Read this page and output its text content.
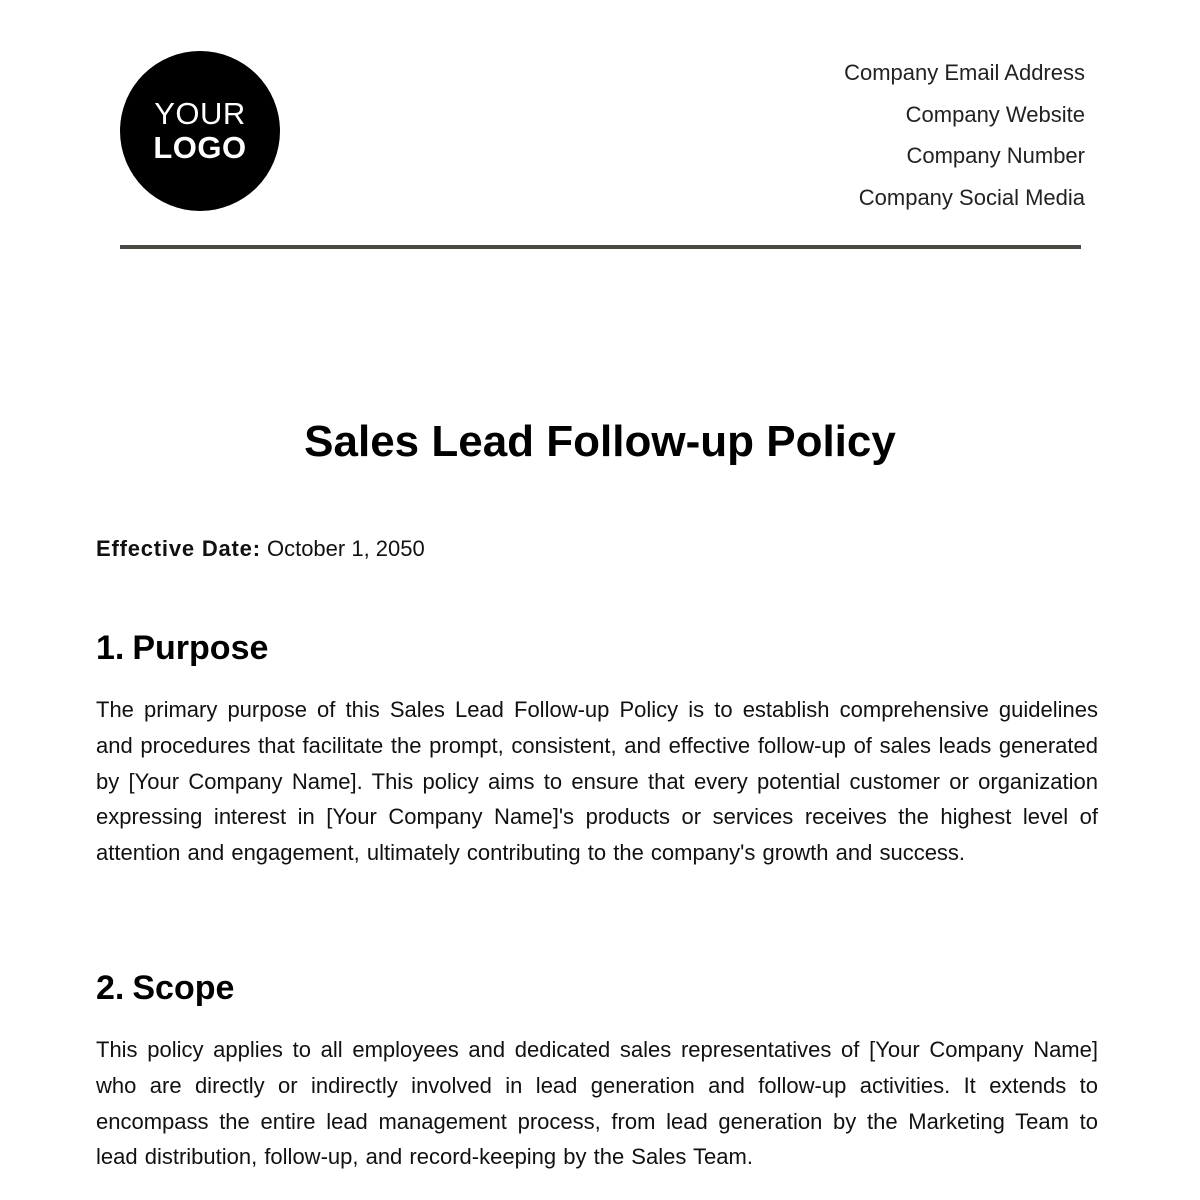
YOUR
LOGO
Company Email Address
Company Website
Company Number
Company Social Media
Sales Lead Follow-up Policy
Effective Date: October 1, 2050
1. Purpose

The primary purpose of this Sales Lead Follow-up Policy is to establish comprehensive guidelines and procedures that facilitate the prompt, consistent, and effective follow-up of sales leads generated by [Your Company Name]. This policy aims to ensure that every potential customer or organization expressing interest in [Your Company Name]'s products or services receives the highest level of attention and engagement, ultimately contributing to the company's growth and success.

2. Scope

This policy applies to all employees and dedicated sales representatives of [Your Company Name] who are directly or indirectly involved in lead generation and follow-up activities. It extends to encompass the entire lead management process, from lead generation by the Marketing Team to lead distribution, follow-up, and record-keeping by the Sales Team.
